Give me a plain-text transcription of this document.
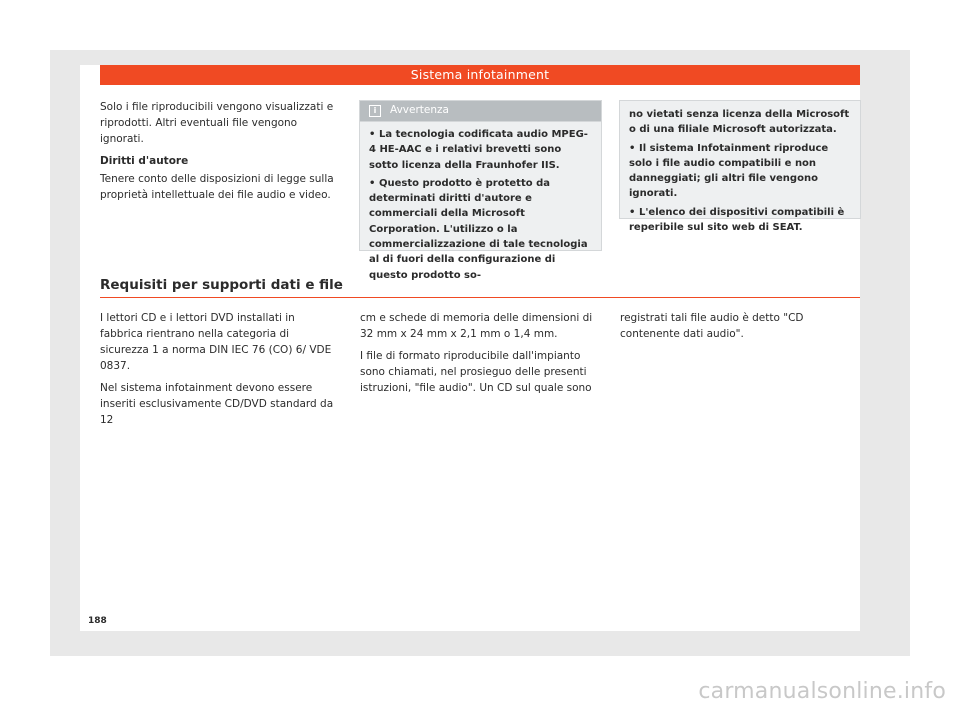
Sistema infotainment

Solo i file riproducibili vengono visualizzati e riprodotti. Altri eventuali file vengono ignorati.

Diritti d'autore

Tenere conto delle disposizioni di legge sulla proprietà intellettuale dei file audio e video.

i	Avvertenza

• La tecnologia codificata audio MPEG-4 HE-AAC e i relativi brevetti sono sotto licenza della Fraunhofer IIS.

• Questo prodotto è protetto da determinati diritti d'autore e commerciali della Microsoft Corporation. L'utilizzo o la commercializzazione di tale tecnologia al di fuori della configurazione di questo prodotto so-

no vietati senza licenza della Microsoft o di una filiale Microsoft autorizzata.

• Il sistema Infotainment riproduce solo i file audio compatibili e non danneggiati; gli altri file vengono ignorati.

• L'elenco dei dispositivi compatibili è reperibile sul sito web di SEAT.

Requisiti per supporti dati e file

I lettori CD e i lettori DVD installati in fabbrica rientrano nella categoria di sicurezza 1 a norma DIN IEC 76 (CO) 6/ VDE 0837.

Nel sistema infotainment devono essere inseriti esclusivamente CD/DVD standard da 12

cm e schede di memoria delle dimensioni di 32 mm x 24 mm x 2,1 mm o 1,4 mm.

I file di formato riproducibile dall'impianto sono chiamati, nel prosieguo delle presenti istruzioni, "file audio". Un CD sul quale sono

registrati tali file audio è detto "CD contenente dati audio".

188
carmanualsonline.info
